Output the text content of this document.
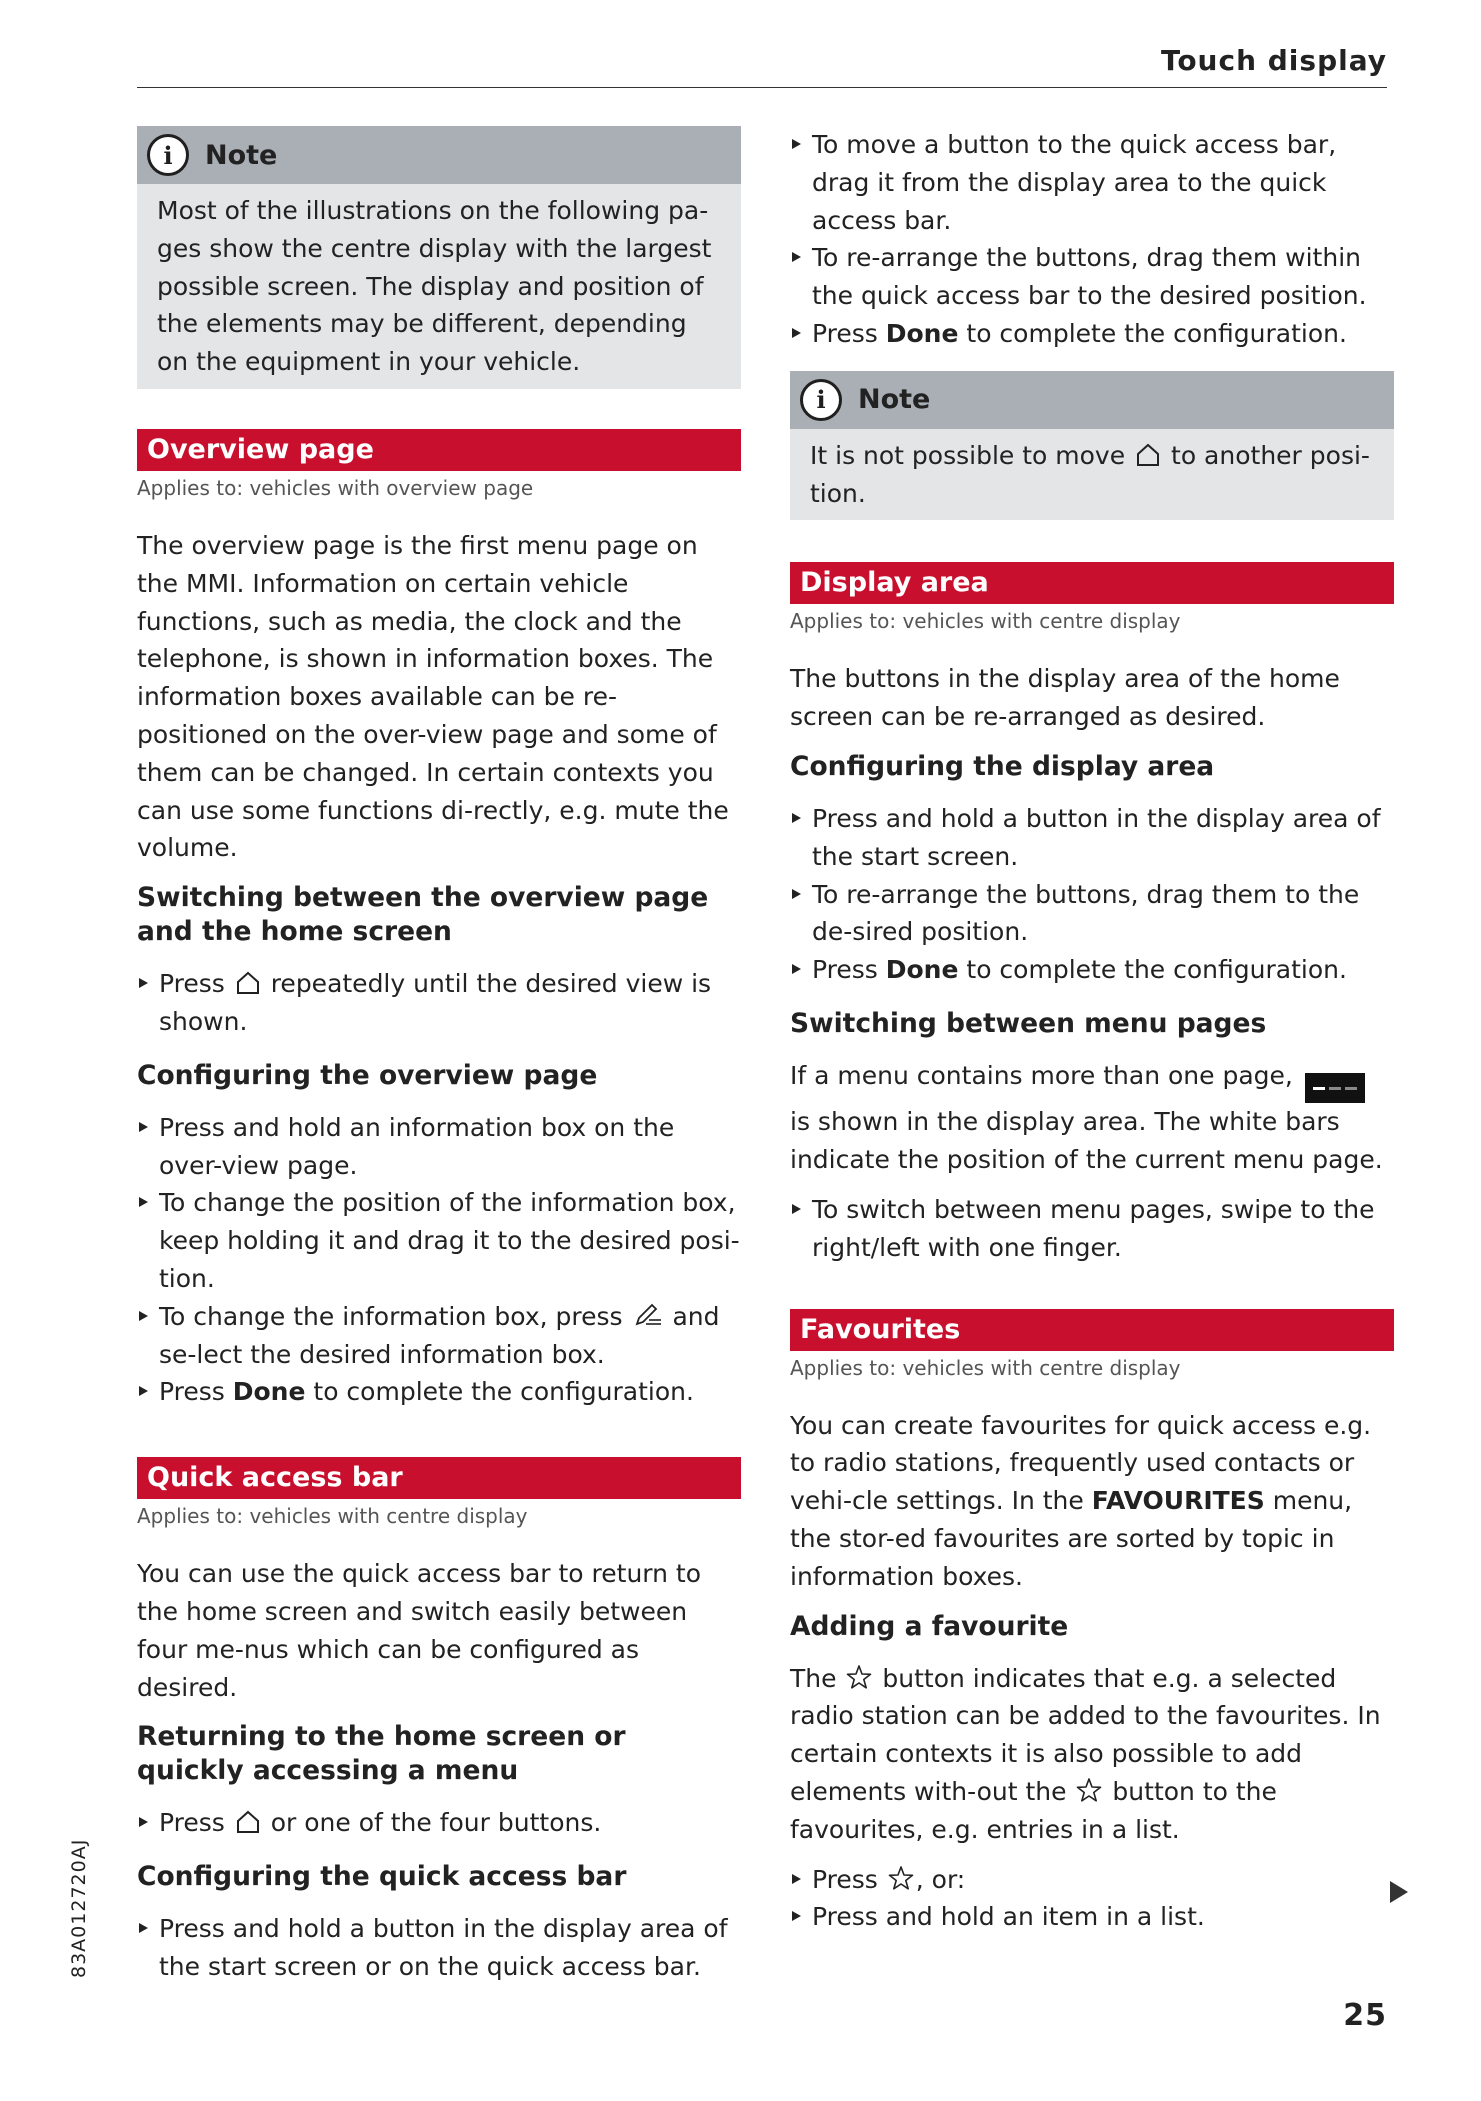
Touch display
i	Note
Most of the illustrations on the following pa-ges show the centre display with the largest possible screen. The display and position of the elements may be different, depending on the equipment in your vehicle.
Overview page
Applies to: vehicles with overview page

The overview page is the first menu page on the MMI. Information on certain vehicle functions, such as media, the clock and the telephone, is shown in information boxes. The information boxes available can be re-positioned on the over-view page and some of them can be changed. In certain contexts you can use some functions di-rectly, e.g. mute the volume.

Switching between the overview page and the home screen
Press repeatedly until the desired view is shown.
Configuring the overview page
Press and hold an information box on the over-view page.
To change the position of the information box, keep holding it and drag it to the desired posi-tion.
To change the information box, press and se-lect the desired information box.
Press Done to complete the configuration.
Quick access bar
Applies to: vehicles with centre display

You can use the quick access bar to return to the home screen and switch easily between four me-nus which can be configured as desired.

Returning to the home screen or quickly accessing a menu
Press or one of the four buttons.
Configuring the quick access bar
Press and hold a button in the display area of the start screen or on the quick access bar.
To move a button to the quick access bar, drag it from the display area to the quick access bar.
To re-arrange the buttons, drag them within the quick access bar to the desired position.
Press Done to complete the configuration.
i	Note
It is not possible to move to another posi-tion.
Display area
Applies to: vehicles with centre display

The buttons in the display area of the home screen can be re-arranged as desired.

Configuring the display area
Press and hold a button in the display area of the start screen.
To re-arrange the buttons, drag them to the de-sired position.
Press Done to complete the configuration.
Switching between menu pages

If a menu contains more than one page,
is shown in the display area. The white bars indicate the position of the current menu page.

To switch between menu pages, swipe to the right/left with one finger.
Favourites
Applies to: vehicles with centre display

You can create favourites for quick access e.g. to radio stations, frequently used contacts or vehi-cle settings. In the FAVOURITES menu, the stor-ed favourites are sorted by topic in information boxes.

Adding a favourite

The button indicates that e.g. a selected radio station can be added to the favourites. In certain contexts it is also possible to add elements with-out the button to the favourites, e.g. entries in a list.

Press , or:
Press and hold an item in a list.
83A012720AJ
25
